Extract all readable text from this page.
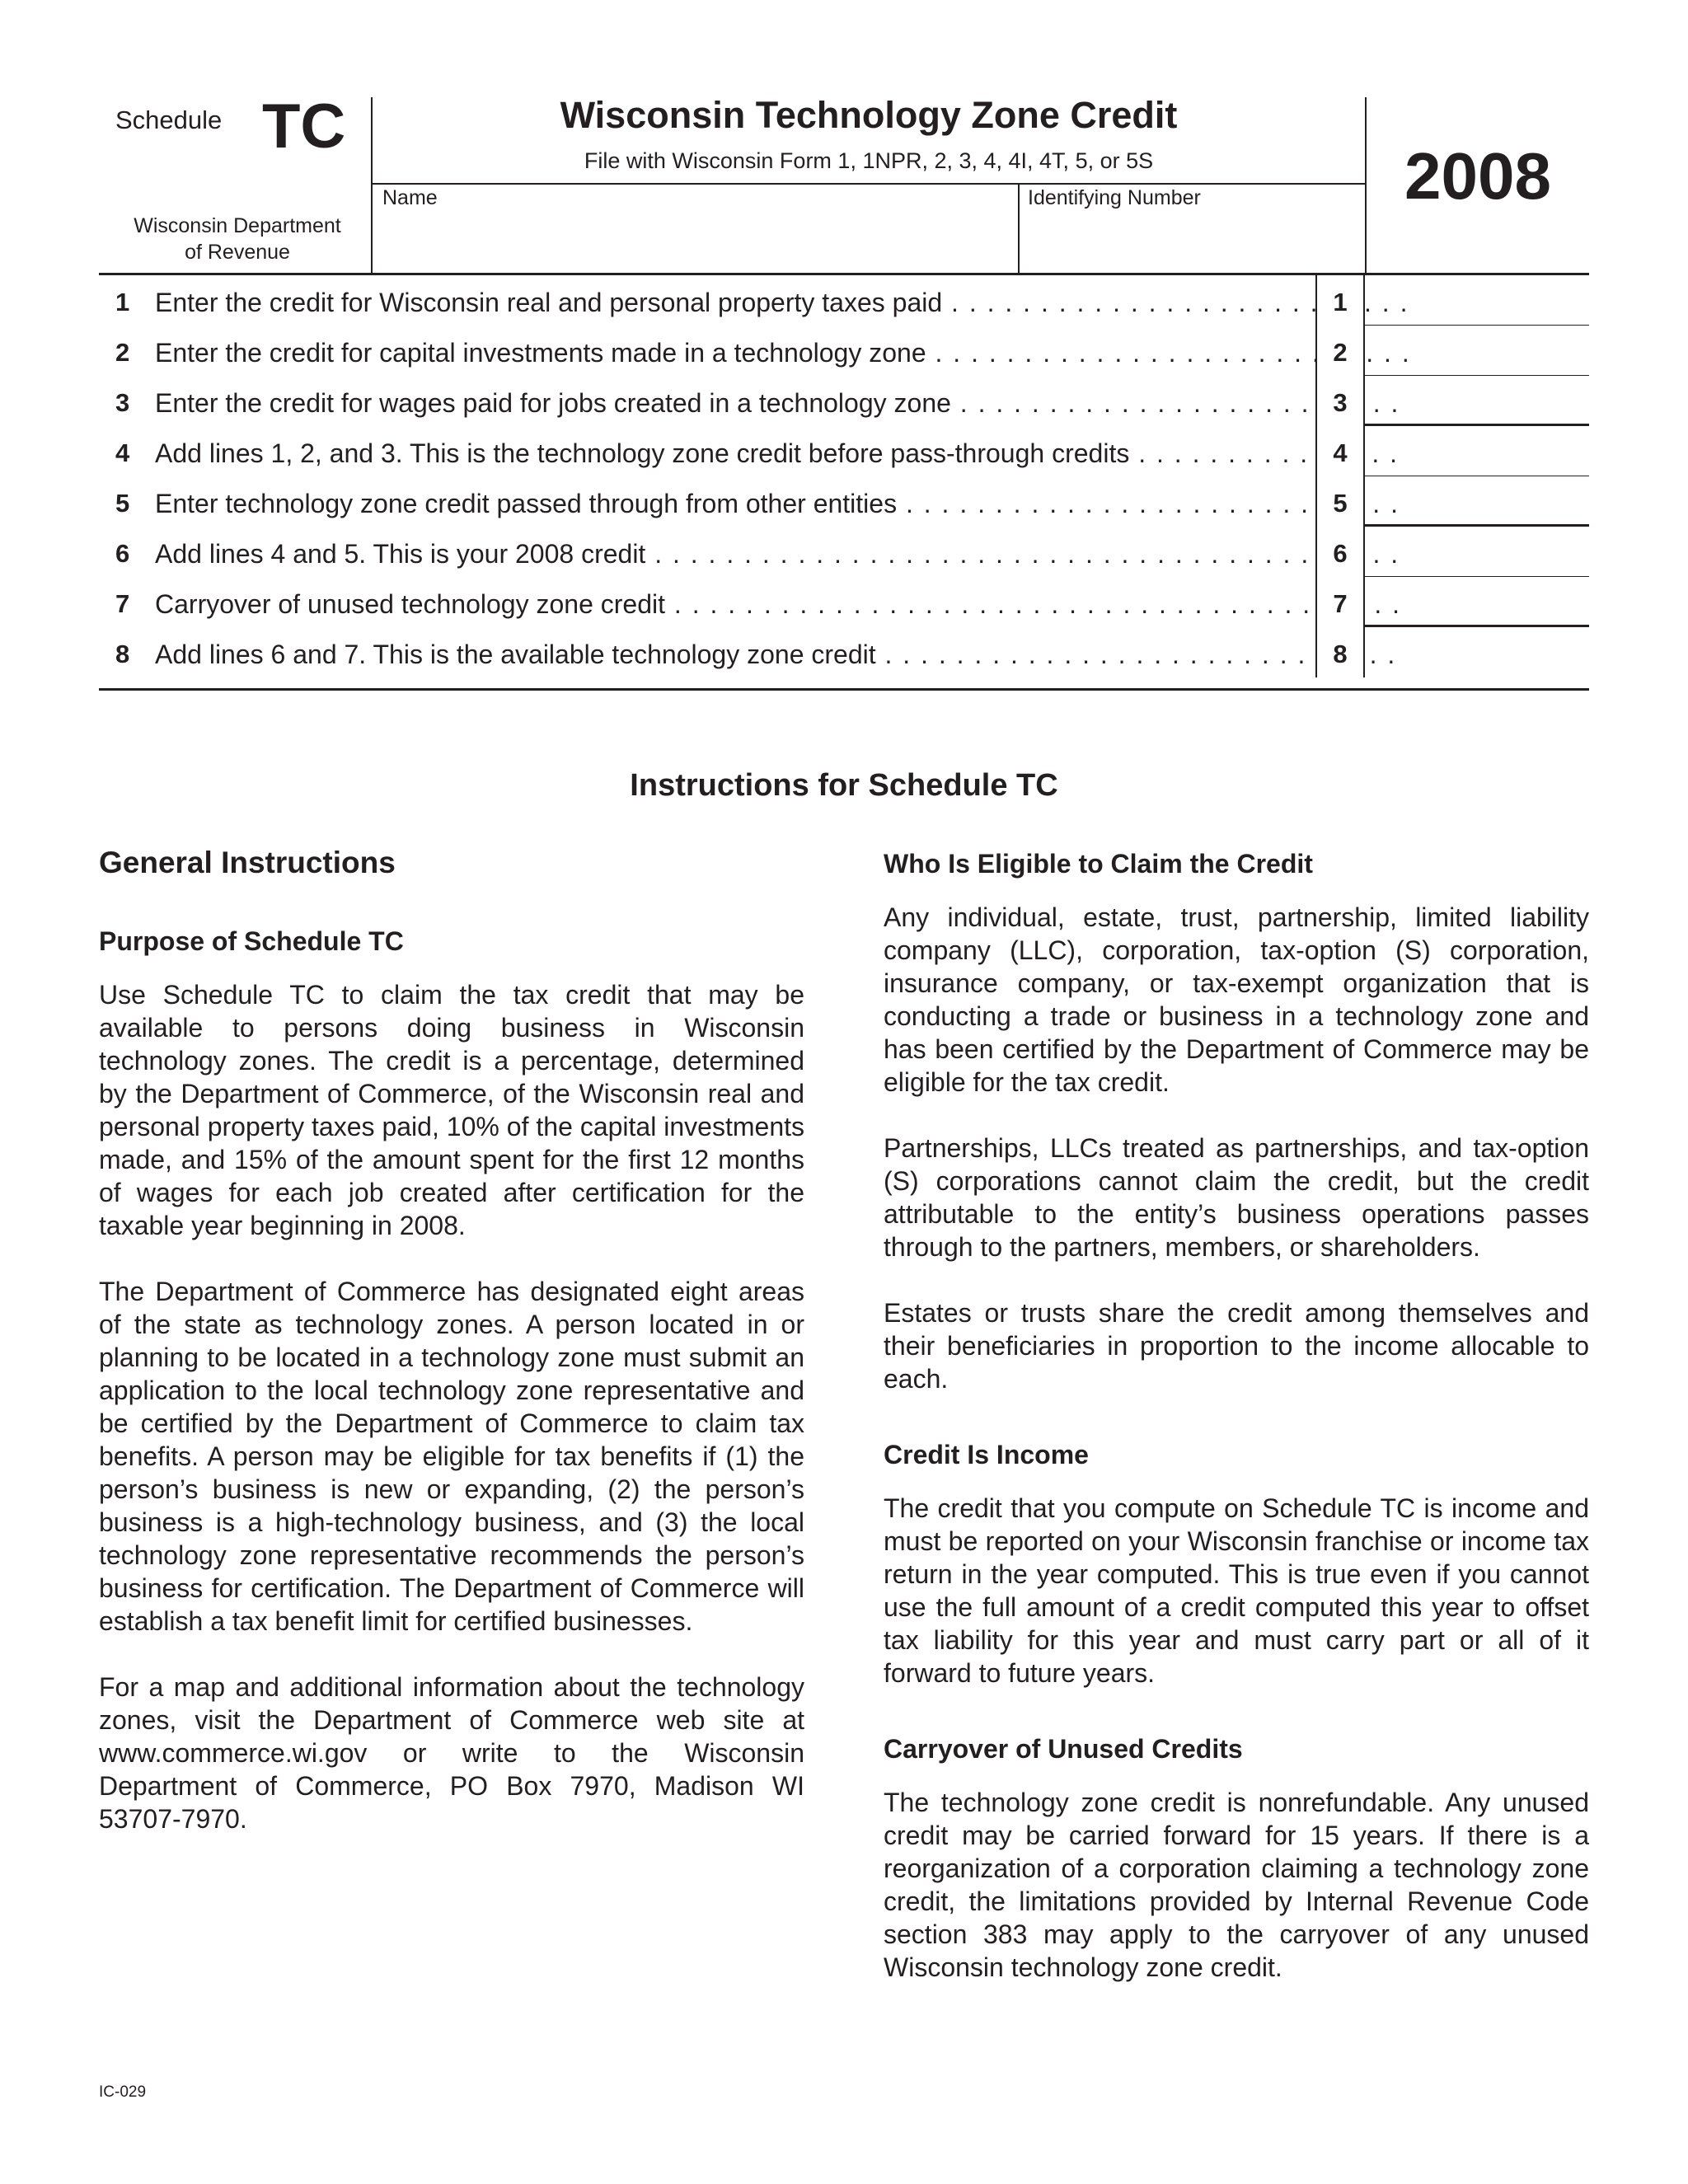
Schedule TC
Wisconsin Department
of Revenue
Wisconsin Technology Zone Credit
File with Wisconsin Form 1, 1NPR, 2, 3, 4, 4I, 4T, 5, or 5S
Name	Identifying Number	2008
1 Enter the credit for Wisconsin real and personal property taxes paid . . .	1
2 Enter the credit for capital investments made in a technology zone . . .	2
3 Enter the credit for wages paid for jobs created in a technology zone . . .	3
4 Add lines 1, 2, and 3. This is the technology zone credit before pass-through credits . . .	4
5 Enter technology zone credit passed through from other entities . . .	5
6 Add lines 4 and 5. This is your 2008 credit . . .	6
7 Carryover of unused technology zone credit . . .	7
8 Add lines 6 and 7. This is the available technology zone credit . . .	8
Instructions for Schedule TC
General Instructions
Purpose of Schedule TC

Use Schedule TC to claim the tax credit that may be available to persons doing business in Wisconsin technology zones. The credit is a percentage, determined by the Department of Commerce, of the Wisconsin real and personal property taxes paid, 10% of the capital investments made, and 15% of the amount spent for the first 12 months of wages for each job created after certification for the taxable year beginning in 2008.

The Department of Commerce has designated eight areas of the state as technology zones. A person located in or planning to be located in a technology zone must submit an application to the local technology zone representative and be certified by the Department of Commerce to claim tax benefits. A person may be eligible for tax benefits if (1) the person’s business is new or expanding, (2) the person’s business is a high-technology business, and (3) the local technology zone representative recommends the person’s business for certification. The Department of Commerce will establish a tax benefit limit for certified businesses.

For a map and additional information about the technology zones, visit the Department of Commerce web site at www.commerce.wi.gov or write to the Wisconsin Department of Commerce, PO Box 7970, Madison WI 53707-7970.

Who Is Eligible to Claim the Credit

Any individual, estate, trust, partnership, limited liability company (LLC), corporation, tax-option (S) corporation, insurance company, or tax-exempt organization that is conducting a trade or business in a technology zone and has been certified by the Department of Commerce may be eligible for the tax credit.

Partnerships, LLCs treated as partnerships, and tax-option (S) corporations cannot claim the credit, but the credit attributable to the entity’s business operations passes through to the partners, members, or shareholders.

Estates or trusts share the credit among themselves and their beneficiaries in proportion to the income allocable to each.

Credit Is Income

The credit that you compute on Schedule TC is income and must be reported on your Wisconsin franchise or income tax return in the year computed. This is true even if you cannot use the full amount of a credit computed this year to offset tax liability for this year and must carry part or all of it forward to future years.

Carryover of Unused Credits

The technology zone credit is nonrefundable. Any unused credit may be carried forward for 15 years. If there is a reorganization of a corporation claiming a technology zone credit, the limitations provided by Internal Revenue Code section 383 may apply to the carryover of any unused Wisconsin technology zone credit.

IC-029
